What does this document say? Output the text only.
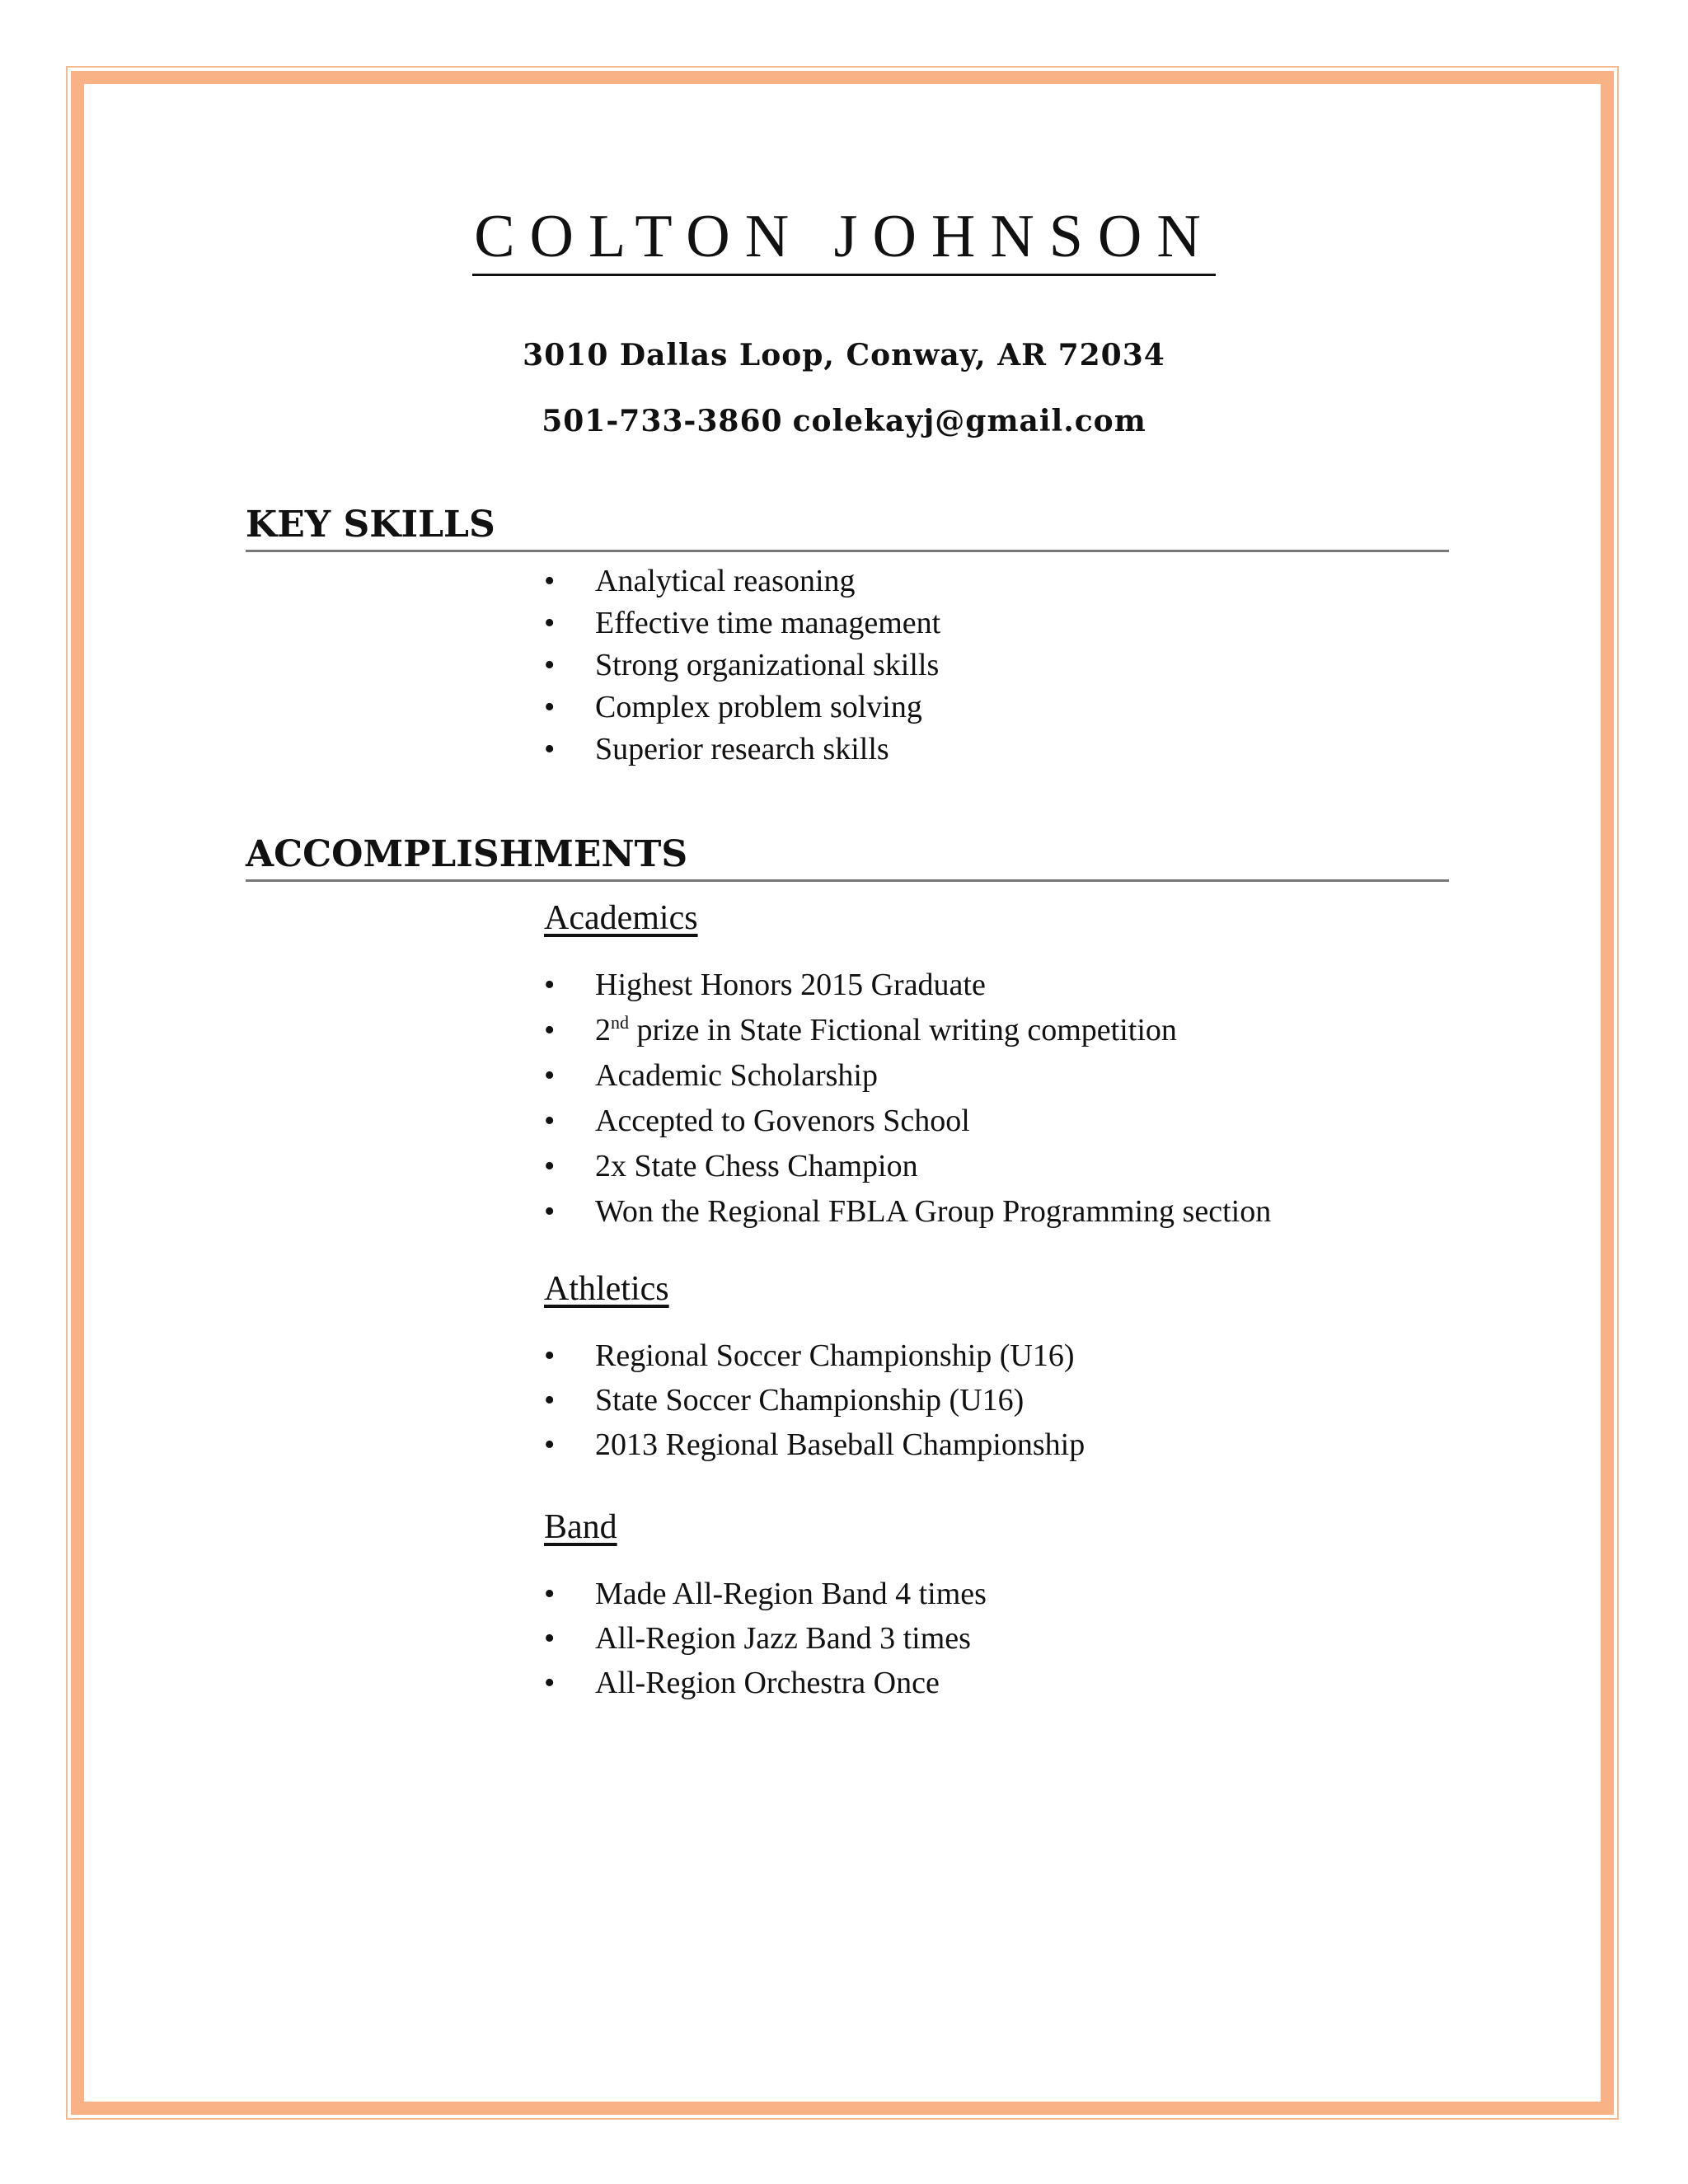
COLTON JOHNSON
3010 Dallas Loop, Conway, AR 72034
501-733-3860 colekayj@gmail.com
KEY SKILLS
• Analytical reasoning
• Effective time management
• Strong organizational skills
• Complex problem solving
• Superior research skills
ACCOMPLISHMENTS
Academics
• Highest Honors 2015 Graduate
• 2nd prize in State Fictional writing competition
• Academic Scholarship
• Accepted to Govenors School
• 2x State Chess Champion
• Won the Regional FBLA Group Programming section
Athletics
• Regional Soccer Championship (U16)
• State Soccer Championship (U16)
• 2013 Regional Baseball Championship
Band
• Made All-Region Band 4 times
• All-Region Jazz Band 3 times
• All-Region Orchestra Once
